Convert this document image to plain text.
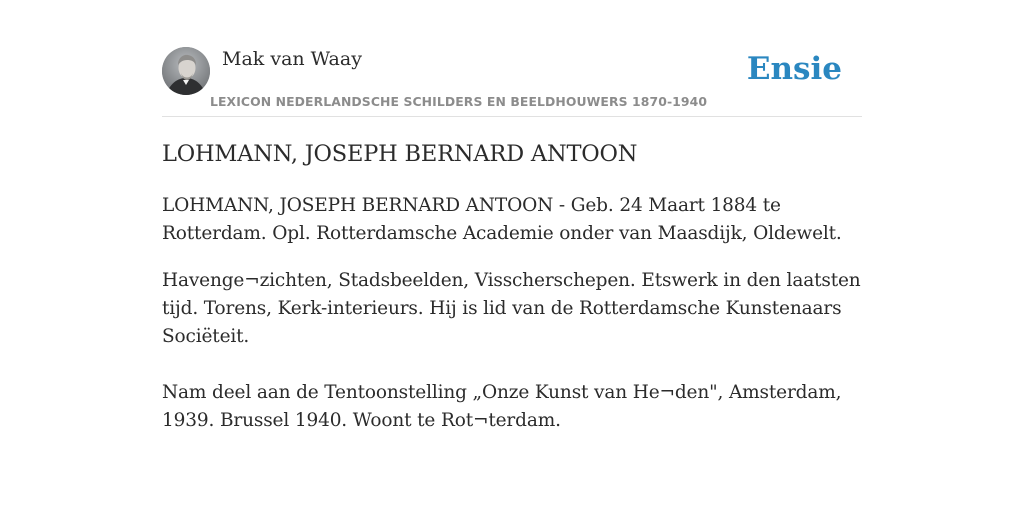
Mak van Waay
LEXICON NEDERLANDSCHE SCHILDERS EN BEELDHOUWERS 1870-1940
Ensie
LOHMANN, JOSEPH BERNARD ANTOON

LOHMANN, JOSEPH BERNARD ANTOON - Geb. 24 Maart 1884 te Rotterdam. Opl. Rotterdamsche Academie onder van Maasdijk, Oldewelt.

Havenge¬zichten, Stadsbeelden, Visscherschepen. Etswerk in den laatsten tijd. Torens, Kerk-interieurs. Hij is lid van de Rotterdamsche Kunstenaars Sociëteit.

Nam deel aan de Tentoonstelling „Onze Kunst van He¬den", Amsterdam, 1939. Brussel 1940. Woont te Rot¬terdam.
